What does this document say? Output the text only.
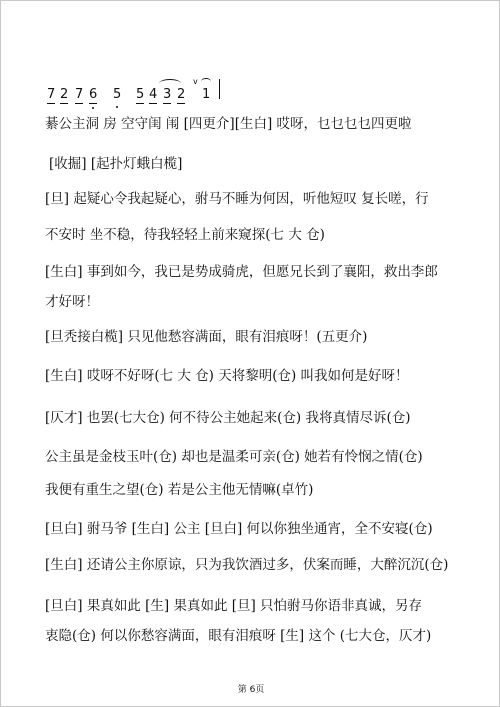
7 2 7 6 5 5 4 3 2
v
1
綦公主洞 房 空守闺 闱 [四更介][生白] 哎呀，乜乜乜乜四更啦
[收掘] [起扑灯蛾白榄]
[旦] 起疑心令我起疑心，驸马不睡为何因，听他短叹 复长嗟，行
不安时 坐不稳，待我轻轻上前来窥探(七 大 仓)
[生白] 事到如今，我已是势成骑虎，但愿兄长到了襄阳，救出李郎
才好呀！
[旦秃接白榄] 只见他愁容满面，眼有泪痕呀！(五更介)
[生白] 哎呀不好呀(七 大 仓) 天将黎明(仓) 叫我如何是好呀！
[仄才] 也罢(七大仓) 何不待公主她起来(仓) 我将真情尽诉(仓)
公主虽是金枝玉叶(仓) 却也是温柔可亲(仓) 她若有怜悯之情(仓)
我便有重生之望(仓) 若是公主他无情嘛(卓竹)
[旦白] 驸马爷 [生白] 公主 [旦白] 何以你独坐通宵，全不安寝(仓)
[生白] 还请公主你原谅，只为我饮酒过多，伏案而睡，大醉沉沉(仓)
[旦白] 果真如此 [生] 果真如此 [旦] 只怕驸马你语非真诚，另存
衷隐(仓) 何以你愁容满面，眼有泪痕呀 [生] 这个 (七大仓，仄才)
第 6页
